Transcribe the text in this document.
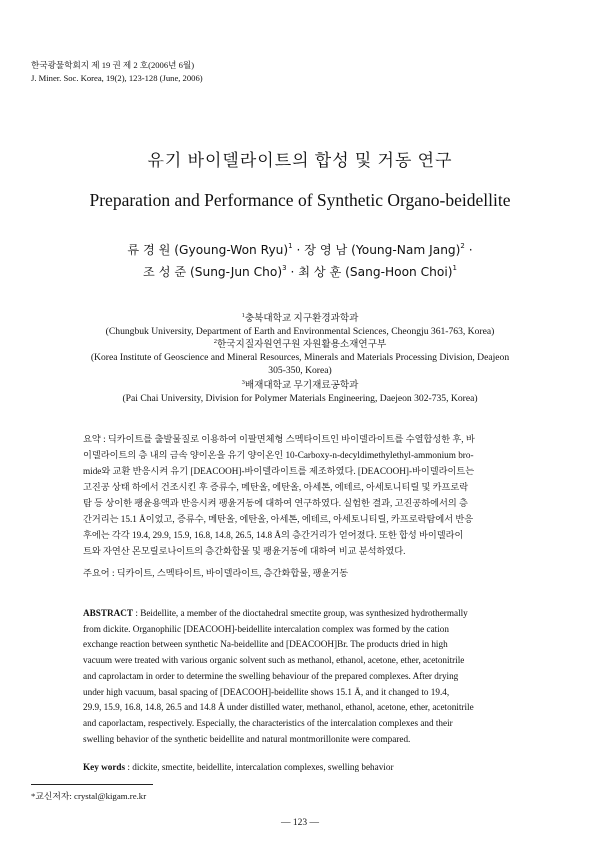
한국광물학회지 제 19 권 제 2 호(2006년 6월)
J. Miner. Soc. Korea, 19(2), 123-128 (June, 2006)
유기 바이델라이트의 합성 및 거동 연구
Preparation and Performance of Synthetic Organo-beidellite
류 경 원 (Gyoung-Won Ryu)$^1$ · 장 영 남 (Young-Nam Jang)$^2$ ·
조 성 준 (Sung-Jun Cho)$^3$ · 최 상 훈 (Sang-Hoon Choi)$^1$
$^1$충북대학교 지구환경과학과
(Chungbuk University, Department of Earth and Environmental Sciences, Cheongju 361-763, Korea)
$^2$한국지질자원연구원 자원활용소재연구부
(Korea Institute of Geoscience and Mineral Resources, Minerals and Materials Processing Division, Deajeon
305-350, Korea)
$^3$배재대학교 무기재료공학과
(Pai Chai University, Division for Polymer Materials Engineering, Daejeon 302-735, Korea)
요약 : 딕카이트를 출발물질로 이용하여 이팔면체형 스멕타이트인 바이델라이트를 수열합성한 후, 바
이델라이트의 층 내의 금속 양이온을 유기 양이온인 10-Carboxy-n-decyldimethylethyl-ammonium bro-
mide와 교환 반응시켜 유기 [DEACOOH]-바이델라이트를 제조하였다. [DEACOOH]-바이델라이트는
고진공 상태 하에서 건조시킨 후 증류수, 메탄올, 에탄올, 아세톤, 에테르, 아세토니티릴 및 카프로락
탐 등 상이한 팽윤용액과 반응시켜 팽윤거동에 대하여 연구하였다. 실험한 결과, 고진공하에서의 층
간거리는 15.1 Å이었고, 증류수, 메탄올, 에탄올, 아세톤, 에테르, 아세토니티릴, 카프로락탐에서 반응
후에는 각각 19.4, 29.9, 15.9, 16.8, 14.8, 26.5, 14.8 Å의 층간거리가 얻어졌다. 또한 합성 바이델라이
트와 자연산 몬모릴로나이트의 층간화합물 및 팽윤거동에 대하여 비교 분석하였다.
주요어 : 딕카이트, 스멕타이트, 바이델라이트, 층간화합물, 팽윤거동
ABSTRACT : Beidellite, a member of the dioctahedral smectite group, was synthesized hydrothermally
from dickite. Organophilic [DEACOOH]-beidellite intercalation complex was formed by the cation
exchange reaction between synthetic Na-beidellite and [DEACOOH]Br. The products dried in high
vacuum were treated with various organic solvent such as methanol, ethanol, acetone, ether, acetonitrile
and caprolactam in order to determine the swelling behaviour of the prepared complexes. After drying
under high vacuum, basal spacing of [DEACOOH]-beidellite shows 15.1 Å, and it changed to 19.4,
29.9, 15.9, 16.8, 14.8, 26.5 and 14.8 Å under distilled water, methanol, ethanol, acetone, ether, acetonitrile
and caporlactam, respectively. Especially, the characteristics of the intercalation complexes and their
swelling behavior of the synthetic beidellite and natural montmorillonite were compared.
Key words : dickite, smectite, beidellite, intercalation complexes, swelling behavior
*교신저자: crystal@kigam.re.kr
— 123 —
